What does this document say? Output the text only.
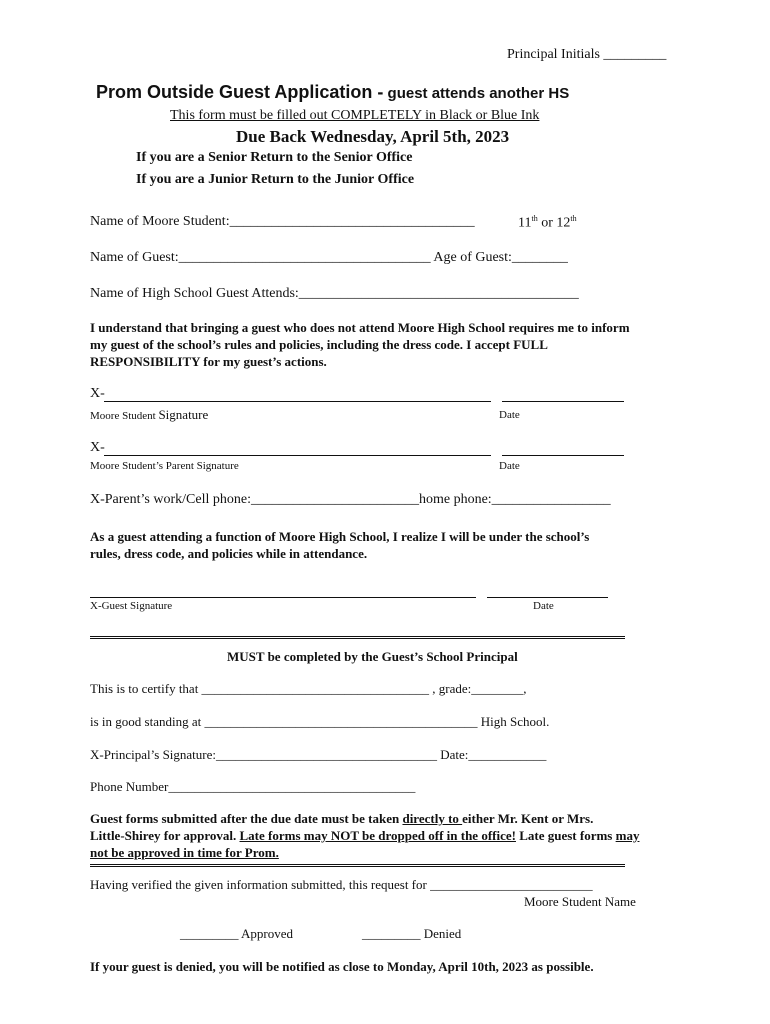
Principal Initials _________
Prom Outside Guest Application - guest attends another HS
This form must be filled out COMPLETELY in Black or Blue Ink
Due Back Wednesday, April 5th, 2023
If you are a Senior Return to the Senior Office
If you are a Junior Return to the Junior Office
Name of Moore Student:___________________________________	11th or 12th
Name of Guest:____________________________________ Age of Guest:________
Name of High School Guest Attends:________________________________________
I understand that bringing a guest who does not attend Moore High School requires me to inform
my guest of the school’s rules and policies, including the dress code. I accept FULL
RESPONSIBILITY for my guest’s actions.
X-
Moore Student Signature	Date
X-
Moore Student’s Parent Signature	Date
X-Parent’s work/Cell phone:________________________home phone:_________________
As a guest attending a function of Moore High School, I realize I will be under the school’s
rules, dress code, and policies while in attendance.
X-Guest Signature	Date
MUST be completed by the Guest’s School Principal
This is to certify that ___________________________________ , grade:________,
is in good standing at __________________________________________ High School.
X-Principal’s Signature:__________________________________ Date:____________
Phone Number______________________________________
Guest forms submitted after the due date must be taken directly to either Mr. Kent or Mrs.
Little-Shirey for approval. Late forms may NOT be dropped off in the office! Late guest forms may
not be approved in time for Prom.
Having verified the given information submitted, this request for _________________________
Moore Student Name
_________ Approved	_________ Denied
If your guest is denied, you will be notified as close to Monday, April 10th, 2023 as possible.
